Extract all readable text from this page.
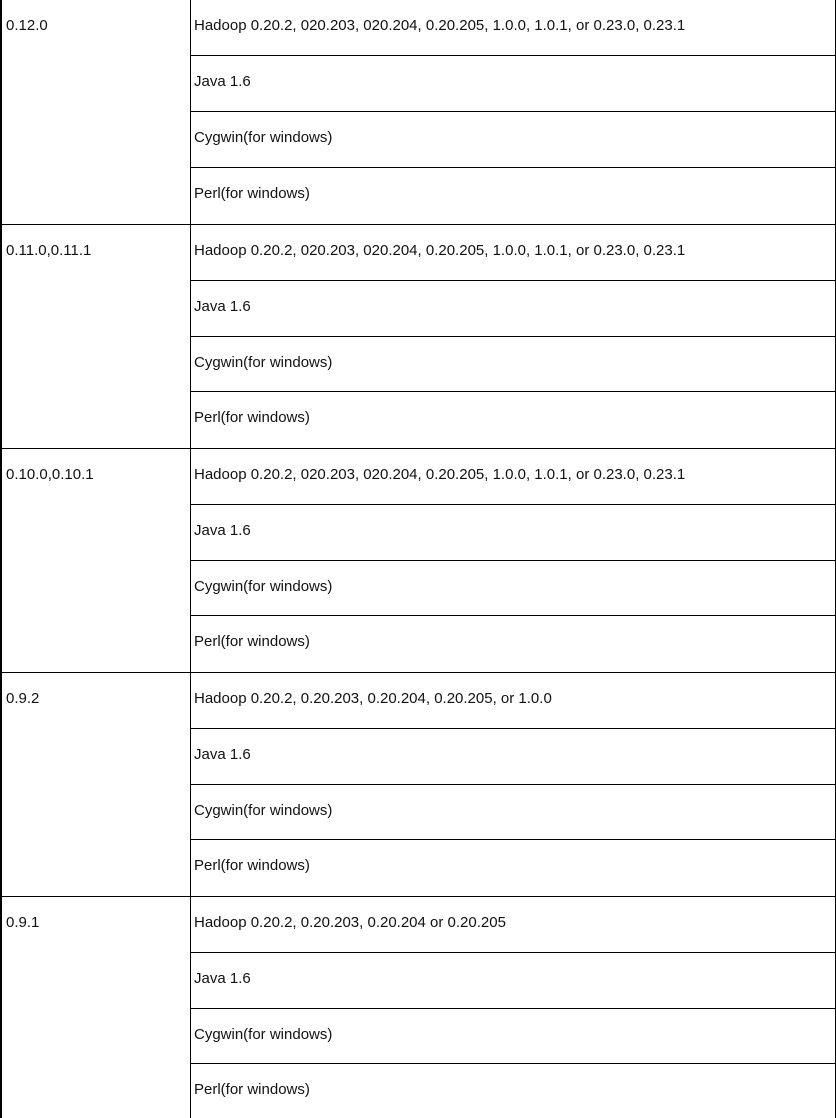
0.12.0	Hadoop 0.20.2, 020.203, 020.204, 0.20.205, 1.0.0, 1.0.1, or 0.23.0, 0.23.1
Java 1.6
Cygwin(for windows)
Perl(for windows)
0.11.0,0.11.1	Hadoop 0.20.2, 020.203, 020.204, 0.20.205, 1.0.0, 1.0.1, or 0.23.0, 0.23.1
Java 1.6
Cygwin(for windows)
Perl(for windows)
0.10.0,0.10.1	Hadoop 0.20.2, 020.203, 020.204, 0.20.205, 1.0.0, 1.0.1, or 0.23.0, 0.23.1
Java 1.6
Cygwin(for windows)
Perl(for windows)
0.9.2	Hadoop 0.20.2, 0.20.203, 0.20.204, 0.20.205, or 1.0.0
Java 1.6
Cygwin(for windows)
Perl(for windows)
0.9.1	Hadoop 0.20.2, 0.20.203, 0.20.204 or 0.20.205
Java 1.6
Cygwin(for windows)
Perl(for windows)
